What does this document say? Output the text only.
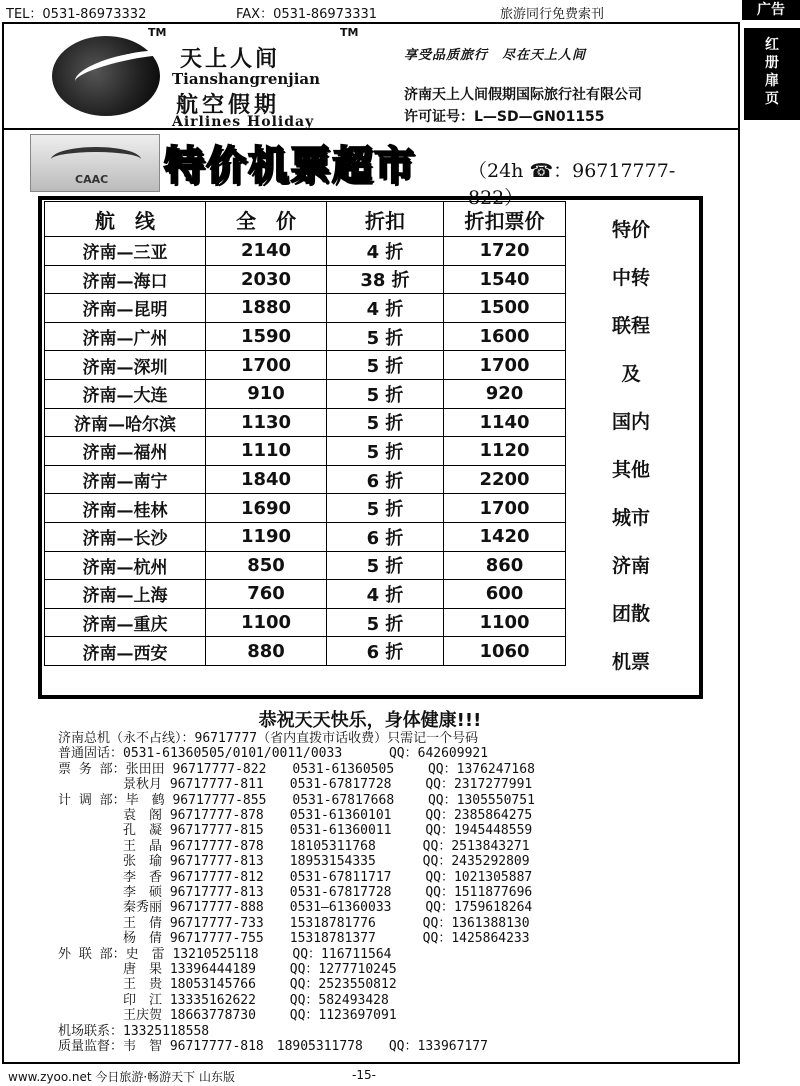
TEL：0531-86973332	FAX：0531-86973331	旅游同行免费索刊	广告
红
册
扉
页
TM	TM
天上人间
Tianshangrenjian
航空假期
Airlines Holiday
享受品质旅行　尽在天上人间
济南天上人间假期国际旅行社有限公司
许可证号：L—SD—GN01155
CAAC 特价机票超市	（24h ☎：96717777-822）
航　线	全　价	折扣	折扣票价
济南—三亚	2140	4 折	1720
济南—海口	2030	38 折	1540
济南—昆明	1880	4 折	1500
济南—广州	1590	5 折	1600
济南—深圳	1700	5 折	1700
济南—大连	910	5 折	920
济南—哈尔滨	1130	5 折	1140
济南—福州	1110	5 折	1120
济南—南宁	1840	6 折	2200
济南—桂林	1690	5 折	1700
济南—长沙	1190	6 折	1420
济南—杭州	850	5 折	860
济南—上海	760	4 折	600
济南—重庆	1100	5 折	1100
济南—西安	880	6 折	1060
特价
中转
联程
及
国内
其他
城市
济南
团散
机票
恭祝天天快乐，身体健康!!!
济南总机（永不占线）：96717777（省内直拨市话收费）只需记一个号码
普通固话：0531-61360505/0101/0011/0033　　　 QQ：642609921
票 务 部：张田田 96717777-822　　0531-61360505　　 QQ：1376247168
　　　　　景秋月 96717777-811　　0531-67817728　　 QQ：2317277991
计 调 部：毕　鹤 96717777-855　　0531-67817668　　 QQ：1305550751
　　　　　袁　阁 96717777-878　　0531-61360101　　 QQ：2385864275
　　　　　孔　凝 96717777-815　　0531-61360011　　 QQ：1945448559
　　　　　王　晶 96717777-878　　18105311768　　　 QQ：2513843271
　　　　　张　瑜 96717777-813　　18953154335　　　 QQ：2435292809
　　　　　李　香 96717777-812　　0531-67811717　　 QQ：1021305887
　　　　　李　硕 96717777-813　　0531-67817728　　 QQ：1511877696
　　　　　秦秀丽 96717777-888　　0531—61360033　　 QQ：1759618264
　　　　　王　倩 96717777-733　　15318781776　　　 QQ：1361388130
　　　　　杨　倩 96717777-755　　15318781377　　　 QQ：1425864233
外 联 部：史　雷 13210525118　　 QQ：116711564
　　　　　唐　果 13396444189　　 QQ：1277710245
　　　　　王　贵 18053145766　　 QQ：2523550812
　　　　　印　江 13335162622　　 QQ：582493428
　　　　　王庆贺 18663778730　　 QQ：1123697091
机场联系：13325118558
质量监督：韦　智 96717777-818　18905311778　　QQ：133967177
www.zyoo.net 今日旅游·畅游天下 山东版	-15-
